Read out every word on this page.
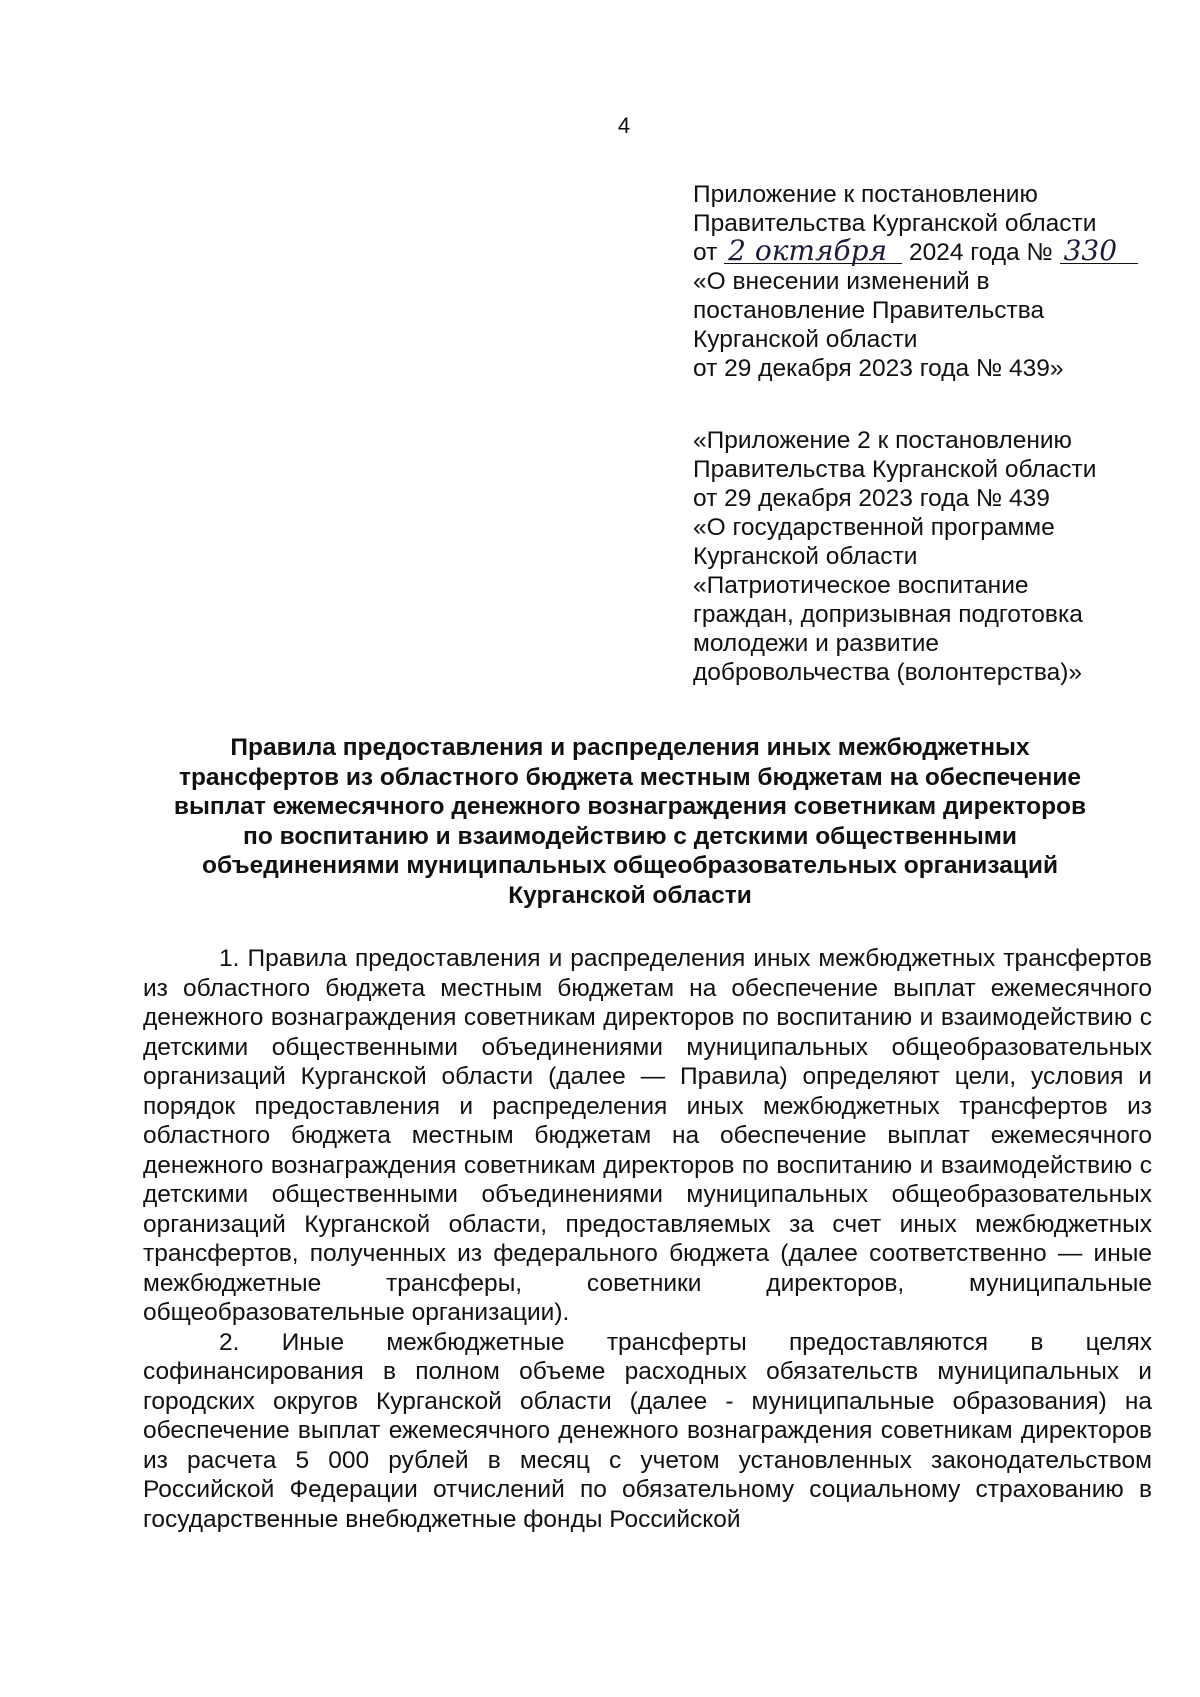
4
Приложение к постановлению
Правительства Курганской области
от 2 октября 2024 года № 330
«О внесении изменений в
постановление Правительства
Курганской области
от 29 декабря 2023 года № 439»
«Приложение 2 к постановлению
Правительства Курганской области
от 29 декабря 2023 года № 439
«О государственной программе
Курганской области
«Патриотическое воспитание
граждан, допризывная подготовка
молодежи и развитие
добровольчества (волонтерства)»
Правила предоставления и распределения иных межбюджетных
трансфертов из областного бюджета местным бюджетам на обеспечение
выплат ежемесячного денежного вознаграждения советникам директоров
по воспитанию и взаимодействию с детскими общественными
объединениями муниципальных общеобразовательных организаций
Курганской области

1. Правила предоставления и распределения иных межбюджетных трансфертов из областного бюджета местным бюджетам на обеспечение выплат ежемесячного денежного вознаграждения советникам директоров по воспитанию и взаимодействию с детскими общественными объединениями муниципальных общеобразовательных организаций Курганской области (далее — Правила) определяют цели, условия и порядок предоставления и распределения иных межбюджетных трансфертов из областного бюджета местным бюджетам на обеспечение выплат ежемесячного денежного вознаграждения советникам директоров по воспитанию и взаимодействию с детскими общественными объединениями муниципальных общеобразовательных организаций Курганской области, предоставляемых за счет иных межбюджетных трансфертов, полученных из федерального бюджета (далее соответственно — иные межбюджетные трансферы, советники директоров, муниципальные общеобразовательные организации).

2. Иные межбюджетные трансферты предоставляются в целях софинансирования в полном объеме расходных обязательств муниципальных и городских округов Курганской области (далее - муниципальные образования) на обеспечение выплат ежемесячного денежного вознаграждения советникам директоров из расчета 5 000 рублей в месяц с учетом установленных законодательством Российской Федерации отчислений по обязательному социальному страхованию в государственные внебюджетные фонды Российской
